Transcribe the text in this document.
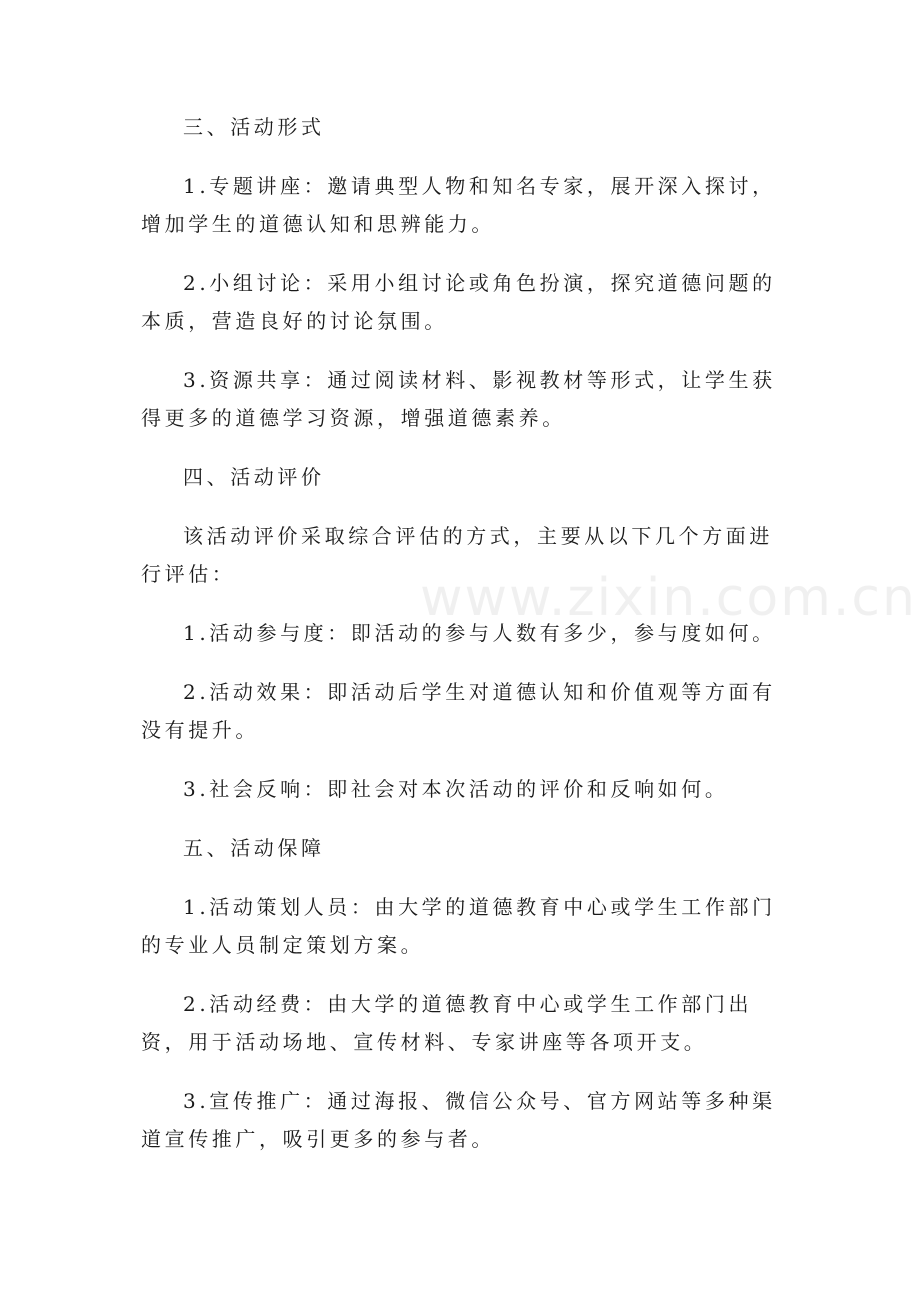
三、活动形式

1.专题讲座：邀请典型人物和知名专家，展开深入探讨，增加学生的道德认知和思辨能力。

2.小组讨论：采用小组讨论或角色扮演，探究道德问题的本质，营造良好的讨论氛围。

3.资源共享：通过阅读材料、影视教材等形式，让学生获得更多的道德学习资源，增强道德素养。

四、活动评价

该活动评价采取综合评估的方式，主要从以下几个方面进行评估：

1.活动参与度：即活动的参与人数有多少，参与度如何。

2.活动效果：即活动后学生对道德认知和价值观等方面有没有提升。

3.社会反响：即社会对本次活动的评价和反响如何。

五、活动保障

1.活动策划人员：由大学的道德教育中心或学生工作部门的专业人员制定策划方案。

2.活动经费：由大学的道德教育中心或学生工作部门出资，用于活动场地、宣传材料、专家讲座等各项开支。

3.宣传推广：通过海报、微信公众号、官方网站等多种渠道宣传推广，吸引更多的参与者。

www.zixin.com.cn
